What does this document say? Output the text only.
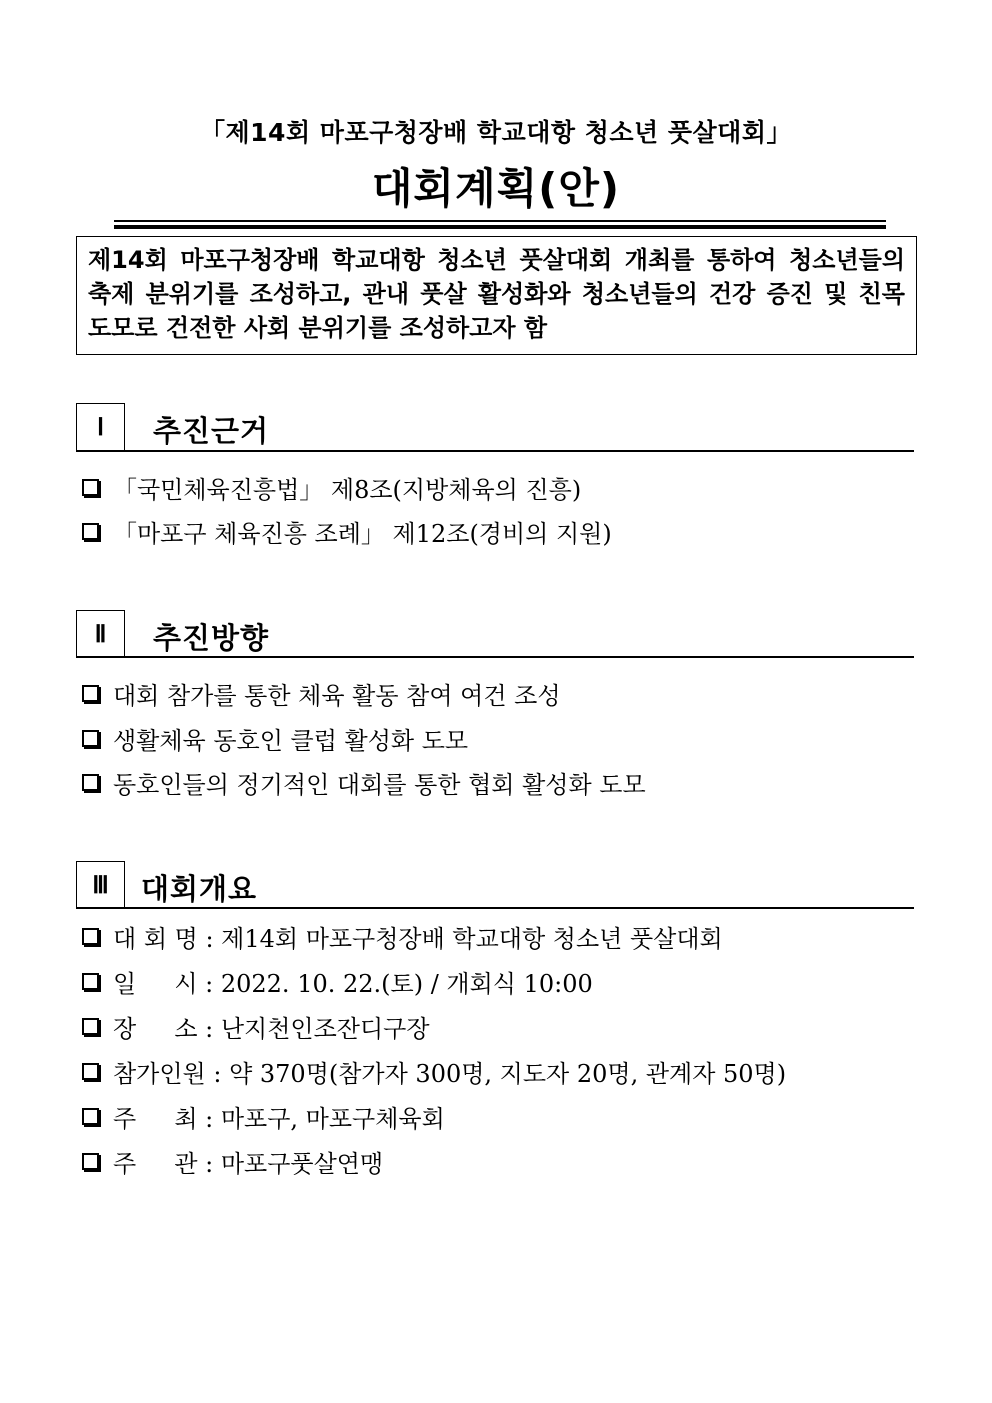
「제14회 마포구청장배 학교대항 청소년 풋살대회」
대회계획(안)
제14회 마포구청장배 학교대항 청소년 풋살대회 개최를 통하여 청소년들의 축제 분위기를 조성하고, 관내 풋살 활성화와 청소년들의 건강 증진 및 친목 도모로 건전한 사회 분위기를 조성하고자 함
Ⅰ 추진근거
「국민체육진흥법」 제8조(지방체육의 진흥)
「마포구 체육진흥 조례」 제12조(경비의 지원)
Ⅱ 추진방향
대회 참가를 통한 체육 활동 참여 여건 조성
생활체육 동호인 클럽 활성화 도모
동호인들의 정기적인 대회를 통한 협회 활성화 도모
Ⅲ 대회개요
대 회 명 : 제14회 마포구청장배 학교대항 청소년 풋살대회
일     시 : 2022. 10. 22.(토) / 개회식 10:00
장     소 : 난지천인조잔디구장
참가인원 : 약 370명(참가자 300명, 지도자 20명, 관계자 50명)
주     최 : 마포구, 마포구체육회
주     관 : 마포구풋살연맹
